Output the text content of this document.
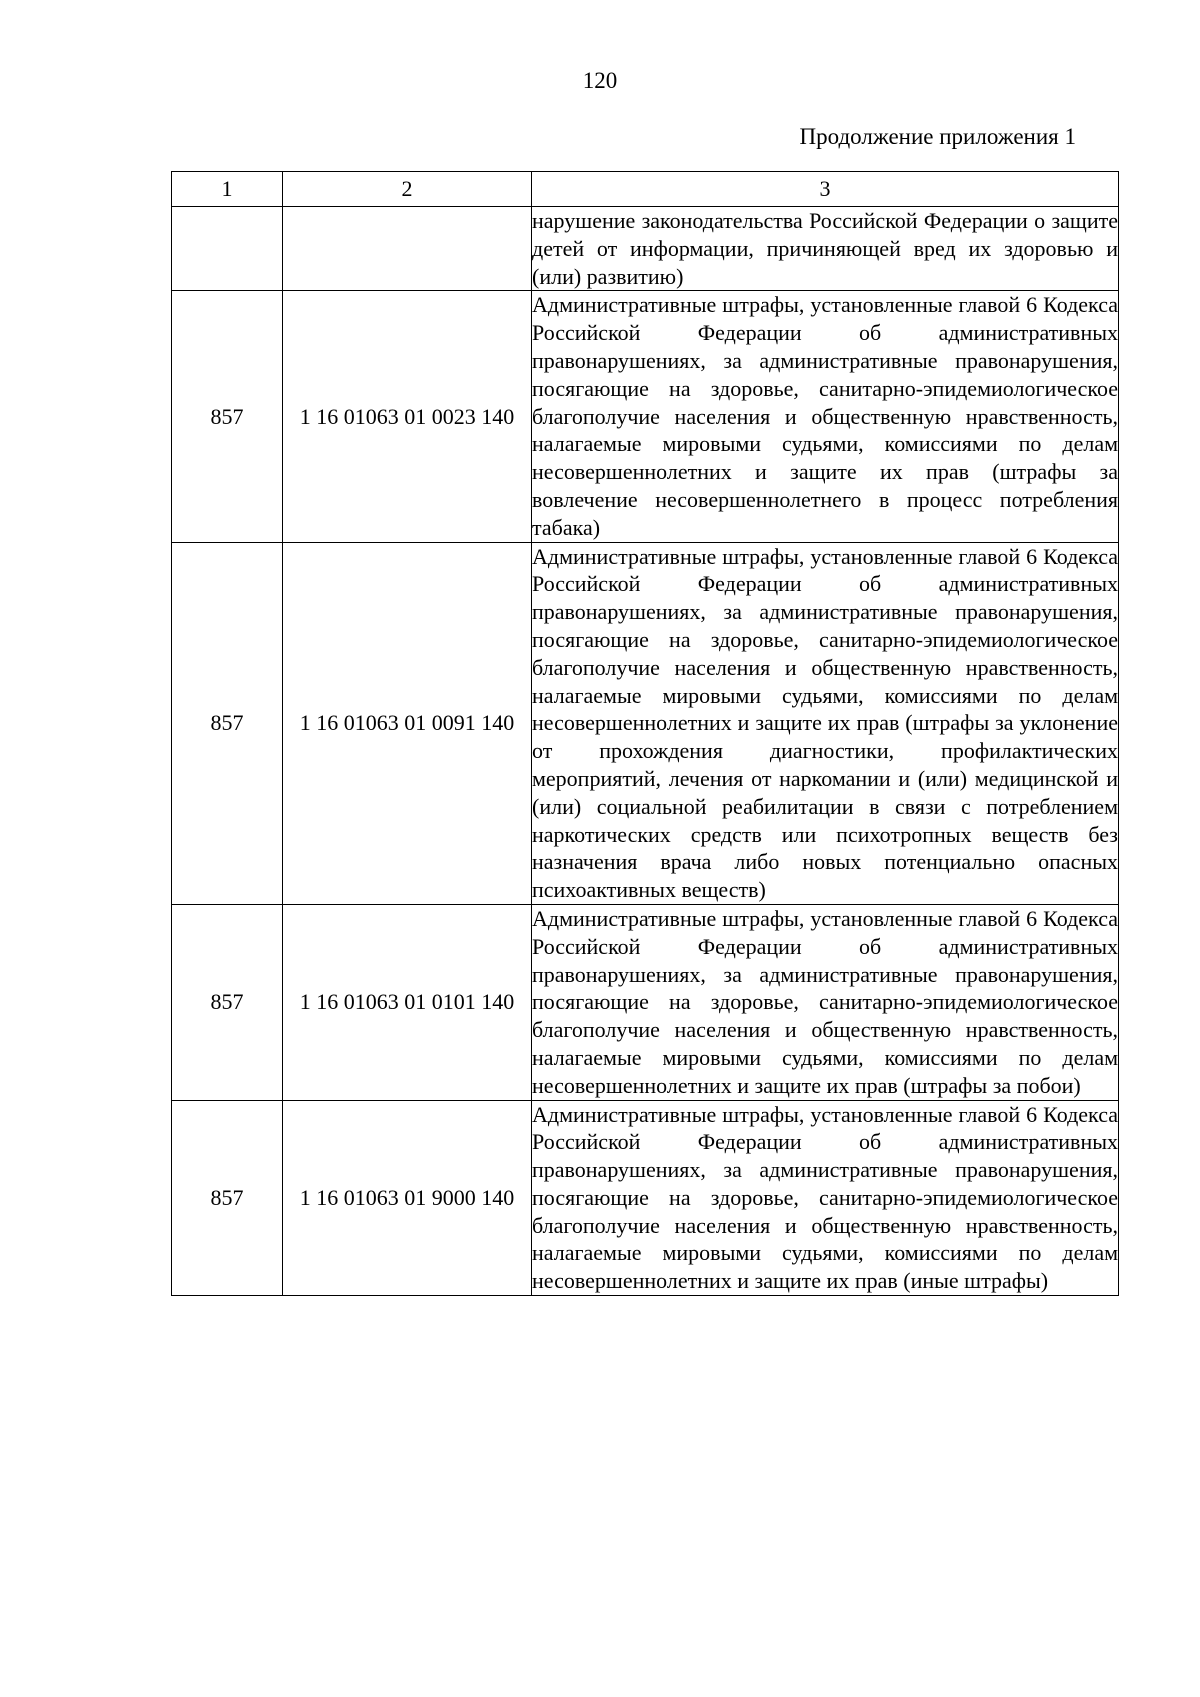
120
Продолжение приложения 1
1	2	3
		нарушение законодательства Российской Федерации о защите детей от информации, причиняющей вред их здоровью и (или) развитию)
857	1 16 01063 01 0023 140	Административные штрафы, установленные главой 6 Кодекса Российской Федерации об административных правонарушениях, за административные правонарушения, посягающие на здоровье, санитарно-эпидемиологическое благополучие населения и общественную нравственность, налагаемые мировыми судьями, комиссиями по делам несовершеннолетних и защите их прав (штрафы за вовлечение несовершеннолетнего в процесс потребления табака)
857	1 16 01063 01 0091 140	Административные штрафы, установленные главой 6 Кодекса Российской Федерации об административных правонарушениях, за административные правонарушения, посягающие на здоровье, санитарно-эпидемиологическое благополучие населения и общественную нравственность, налагаемые мировыми судьями, комиссиями по делам несовершеннолетних и защите их прав (штрафы за уклонение от прохождения диагностики, профилактических мероприятий, лечения от наркомании и (или) медицинской и (или) социальной реабилитации в связи с потреблением наркотических средств или психотропных веществ без назначения врача либо новых потенциально опасных психоактивных веществ)
857	1 16 01063 01 0101 140	Административные штрафы, установленные главой 6 Кодекса Российской Федерации об административных правонарушениях, за административные правонарушения, посягающие на здоровье, санитарно-эпидемиологическое благополучие населения и общественную нравственность, налагаемые мировыми судьями, комиссиями по делам несовершеннолетних и защите их прав (штрафы за побои)
857	1 16 01063 01 9000 140	Административные штрафы, установленные главой 6 Кодекса Российской Федерации об административных правонарушениях, за административные правонарушения, посягающие на здоровье, санитарно-эпидемиологическое благополучие населения и общественную нравственность, налагаемые мировыми судьями, комиссиями по делам несовершеннолетних и защите их прав (иные штрафы)
